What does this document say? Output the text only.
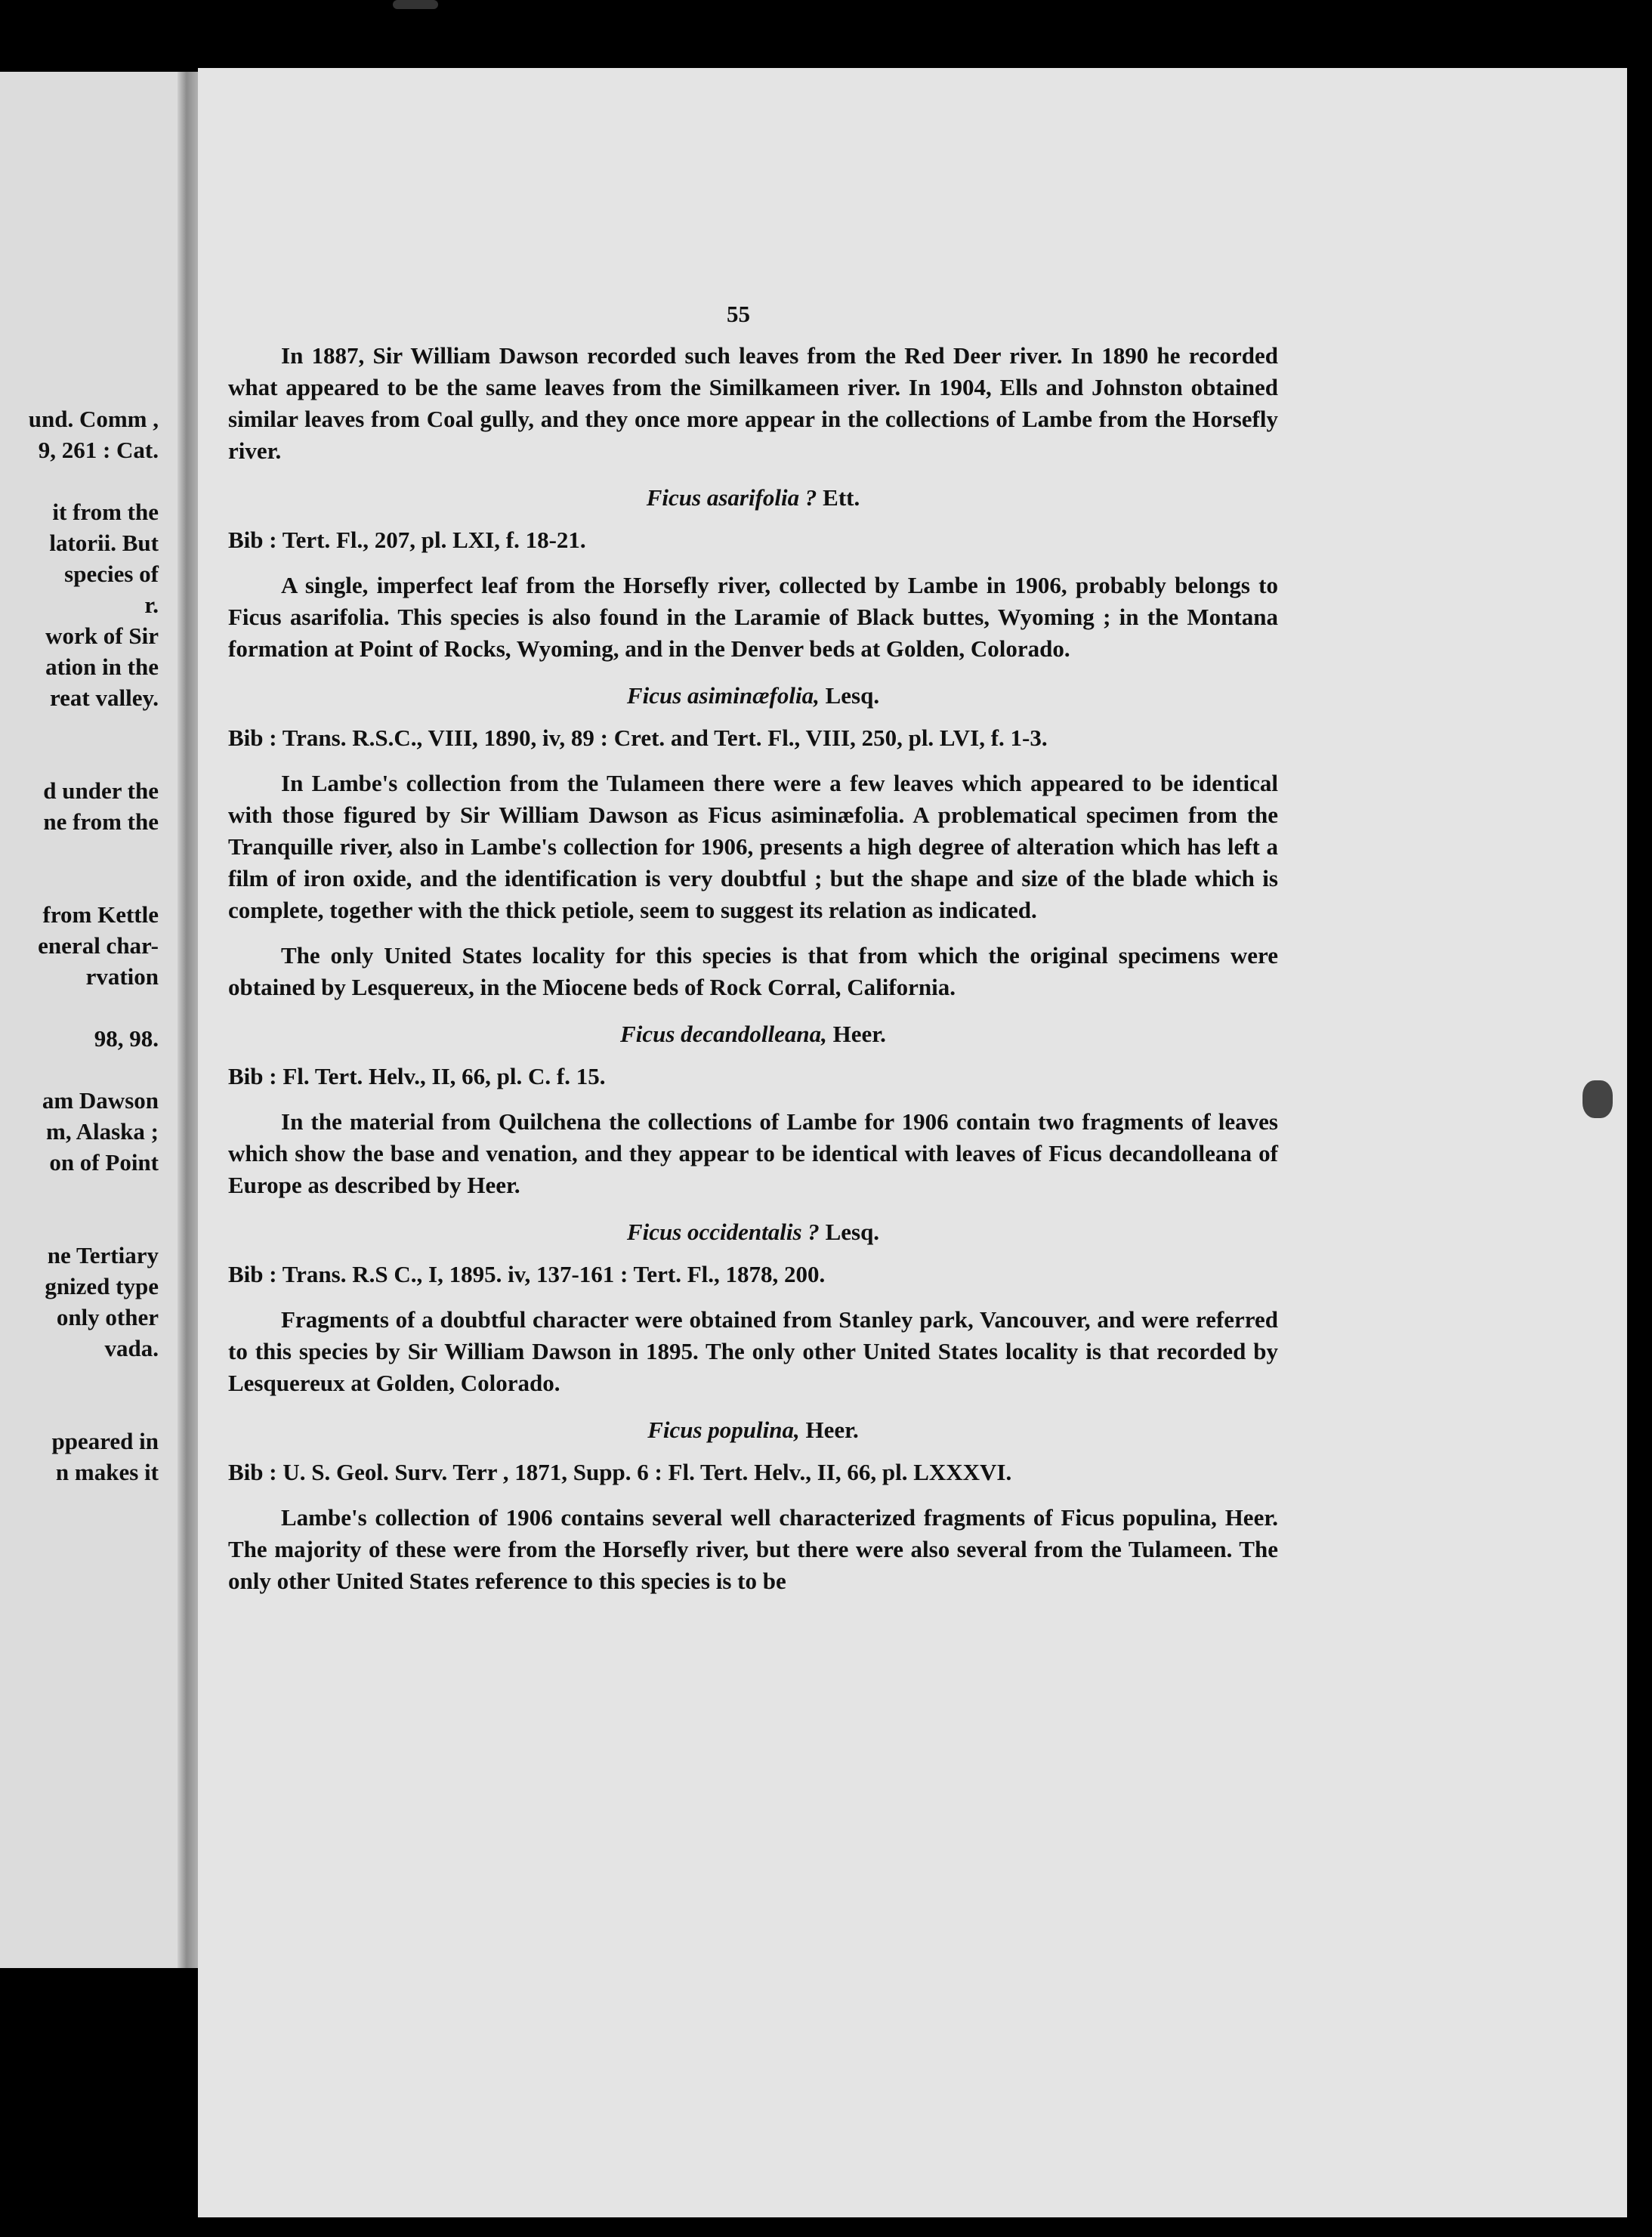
und. Comm ,
9, 261 : Cat.
it from the
latorii. But
species of
r.
work of Sir
ation in the
reat valley.
d under the
ne from the
from Kettle
eneral char-
rvation
98, 98.
am Dawson
m, Alaska ;
on of Point
ne Tertiary
gnized type
only other
vada.
ppeared in
n makes it
55

In 1887, Sir William Dawson recorded such leaves from the Red Deer river. In 1890 he recorded what appeared to be the same leaves from the Similkameen river. In 1904, Ells and Johnston obtained similar leaves from Coal gully, and they once more appear in the collections of Lambe from the Horsefly river.

Ficus asarifolia ? Ett.
Bib : Tert. Fl., 207, pl. LXI, f. 18-21.

A single, imperfect leaf from the Horsefly river, collected by Lambe in 1906, probably belongs to Ficus asarifolia. This species is also found in the Laramie of Black buttes, Wyoming ; in the Montana formation at Point of Rocks, Wyoming, and in the Denver beds at Golden, Colorado.

Ficus asiminæfolia, Lesq.
Bib : Trans. R.S.C., VIII, 1890, iv, 89 : Cret. and Tert. Fl., VIII, 250, pl. LVI, f. 1-3.

In Lambe's collection from the Tulameen there were a few leaves which appeared to be identical with those figured by Sir William Dawson as Ficus asiminæfolia. A problematical specimen from the Tranquille river, also in Lambe's collection for 1906, presents a high degree of alteration which has left a film of iron oxide, and the identification is very doubtful ; but the shape and size of the blade which is complete, together with the thick petiole, seem to suggest its relation as indicated.

The only United States locality for this species is that from which the original specimens were obtained by Lesquereux, in the Miocene beds of Rock Corral, California.

Ficus decandolleana, Heer.
Bib : Fl. Tert. Helv., II, 66, pl. C. f. 15.

In the material from Quilchena the collections of Lambe for 1906 contain two fragments of leaves which show the base and venation, and they appear to be identical with leaves of Ficus decandolleana of Europe as described by Heer.

Ficus occidentalis ? Lesq.
Bib : Trans. R.S C., I, 1895. iv, 137-161 : Tert. Fl., 1878, 200.

Fragments of a doubtful character were obtained from Stanley park, Vancouver, and were referred to this species by Sir William Dawson in 1895. The only other United States locality is that recorded by Lesquereux at Golden, Colorado.

Ficus populina, Heer.
Bib : U. S. Geol. Surv. Terr , 1871, Supp. 6 : Fl. Tert. Helv., II, 66, pl. LXXXVI.

Lambe's collection of 1906 contains several well characterized fragments of Ficus populina, Heer. The majority of these were from the Horsefly river, but there were also several from the Tulameen. The only other United States reference to this species is to be
